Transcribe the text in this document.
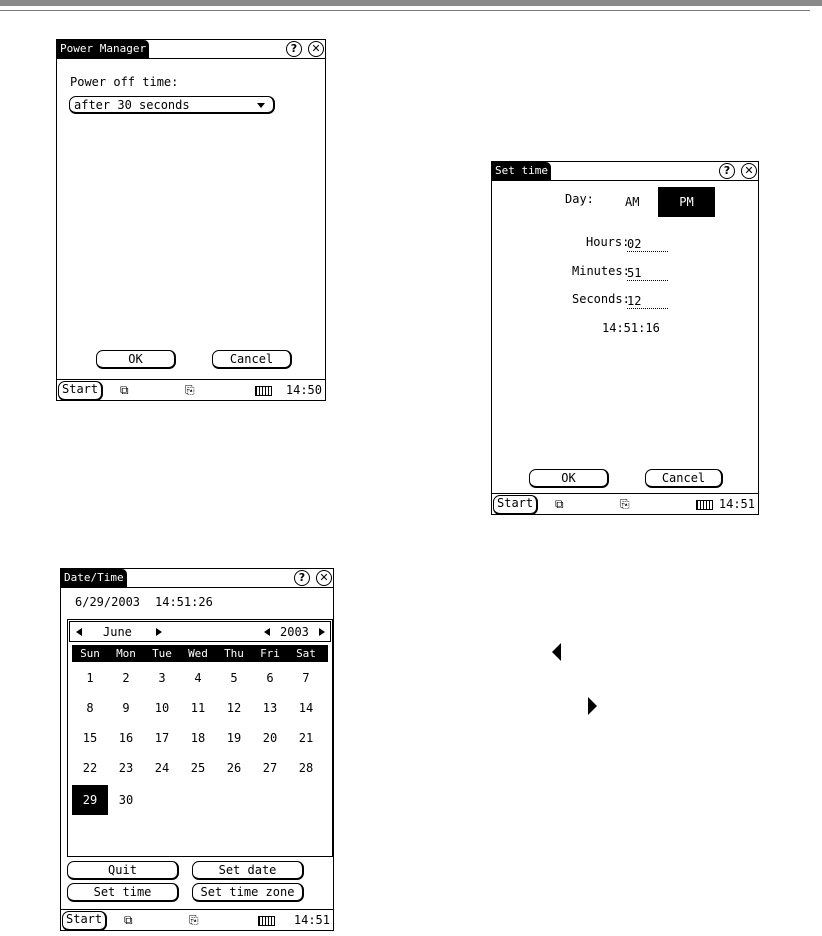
Power Manager	?	✕
Power off time:
after 30 seconds
OK	Cancel
Start	⧉	⎘	14:50
Set time	?	✕
Day:	AM	PM
Hours:
02
Minutes:
51
Seconds:
12
14:51:16
OK	Cancel
Start	⧉	⎘	14:51
Date/Time	?	✕
6/29/2003 14:51:26
June	2003
Sun	Mon	Tue	Wed	Thu	Fri	Sat
1	2	3	4	5	6	7
8	9	10	11	12	13	14
15	16	17	18	19	20	21
22	23	24	25	26	27	28
29	30
Quit	Set date
Set time	Set time zone
Start	⧉	⎘	14:51
